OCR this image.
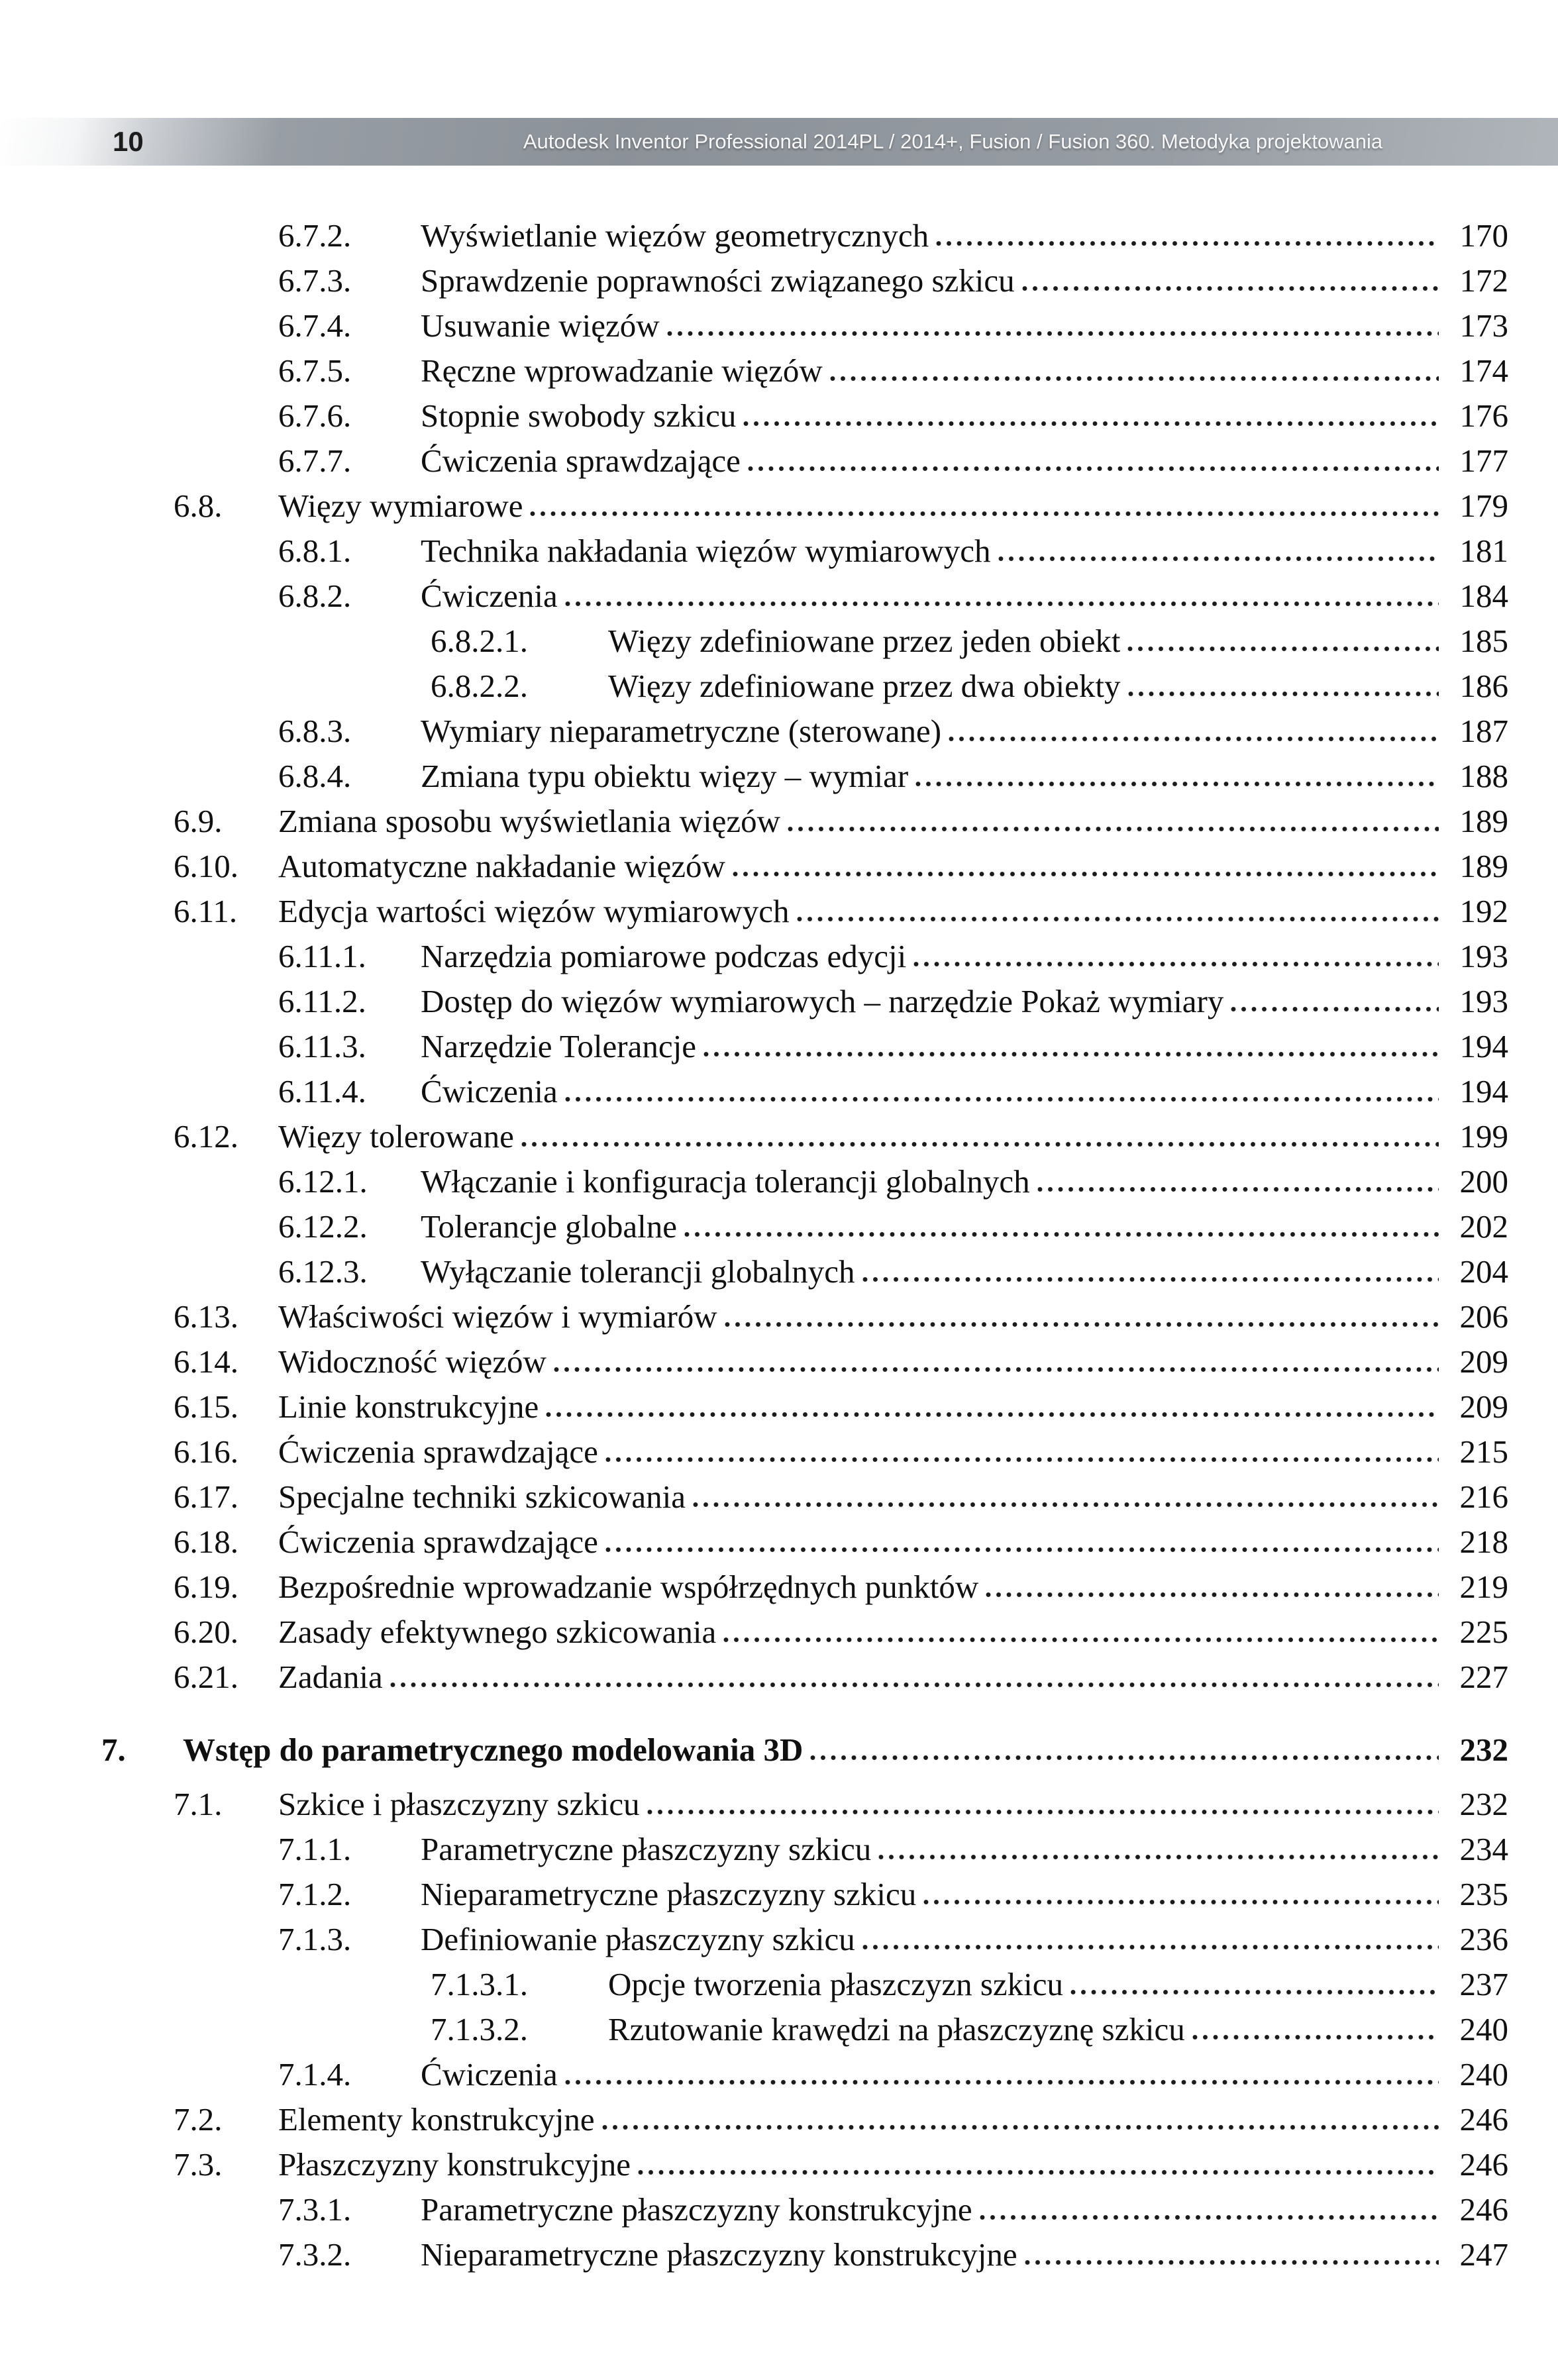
10	Autodesk Inventor Professional 2014PL / 2014+, Fusion / Fusion 360. Metodyka projektowania
6.7.2.	Wyświetlanie więzów geometrycznych	170
6.7.3.	Sprawdzenie poprawności związanego szkicu	172
6.7.4.	Usuwanie więzów	173
6.7.5.	Ręczne wprowadzanie więzów	174
6.7.6.	Stopnie swobody szkicu	176
6.7.7.	Ćwiczenia sprawdzające	177
6.8.	Więzy wymiarowe	179
6.8.1.	Technika nakładania więzów wymiarowych	181
6.8.2.	Ćwiczenia	184
6.8.2.1.	Więzy zdefiniowane przez jeden obiekt	185
6.8.2.2.	Więzy zdefiniowane przez dwa obiekty	186
6.8.3.	Wymiary nieparametryczne (sterowane)	187
6.8.4.	Zmiana typu obiektu więzy – wymiar	188
6.9.	Zmiana sposobu wyświetlania więzów	189
6.10.	Automatyczne nakładanie więzów	189
6.11.	Edycja wartości więzów wymiarowych	192
6.11.1.	Narzędzia pomiarowe podczas edycji	193
6.11.2.	Dostęp do więzów wymiarowych – narzędzie Pokaż wymiary	193
6.11.3.	Narzędzie Tolerancje	194
6.11.4.	Ćwiczenia	194
6.12.	Więzy tolerowane	199
6.12.1.	Włączanie i konfiguracja tolerancji globalnych	200
6.12.2.	Tolerancje globalne	202
6.12.3.	Wyłączanie tolerancji globalnych	204
6.13.	Właściwości więzów i wymiarów	206
6.14.	Widoczność więzów	209
6.15.	Linie konstrukcyjne	209
6.16.	Ćwiczenia sprawdzające	215
6.17.	Specjalne techniki szkicowania	216
6.18.	Ćwiczenia sprawdzające	218
6.19.	Bezpośrednie wprowadzanie współrzędnych punktów	219
6.20.	Zasady efektywnego szkicowania	225
6.21.	Zadania	227
7.	Wstęp do parametrycznego modelowania 3D	232
7.1.	Szkice i płaszczyzny szkicu	232
7.1.1.	Parametryczne płaszczyzny szkicu	234
7.1.2.	Nieparametryczne płaszczyzny szkicu	235
7.1.3.	Definiowanie płaszczyzny szkicu	236
7.1.3.1.	Opcje tworzenia płaszczyzn szkicu	237
7.1.3.2.	Rzutowanie krawędzi na płaszczyznę szkicu	240
7.1.4.	Ćwiczenia	240
7.2.	Elementy konstrukcyjne	246
7.3.	Płaszczyzny konstrukcyjne	246
7.3.1.	Parametryczne płaszczyzny konstrukcyjne	246
7.3.2.	Nieparametryczne płaszczyzny konstrukcyjne	247
